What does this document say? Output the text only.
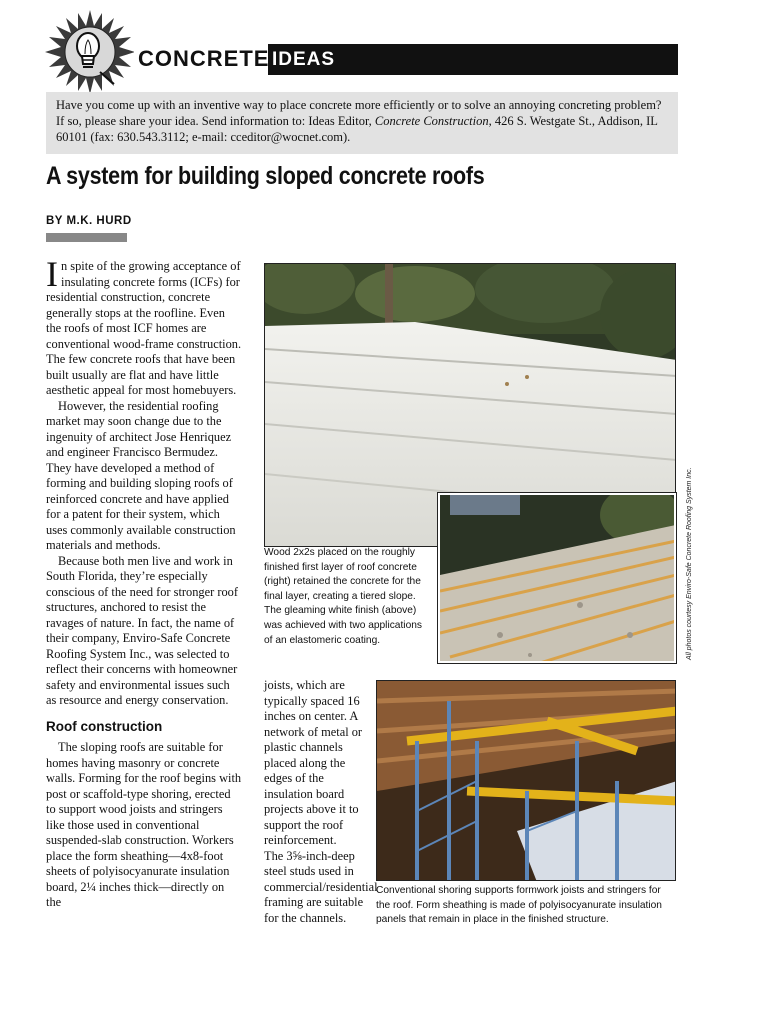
CONCRETE IDEAS
Have you come up with an inventive way to place concrete more efficiently or to solve an annoying concreting problem? If so, please share your idea. Send information to: Ideas Editor, Concrete Construction, 426 S. Westgate St., Addison, IL 60101 (fax: 630.543.3112; e-mail: cceditor@wocnet.com).
A system for building sloped concrete roofs
BY M.K. HURD

In spite of the growing acceptance of insulating concrete forms (ICFs) for residential construction, concrete generally stops at the roofline. Even the roofs of most ICF homes are conventional wood-frame construction. The few concrete roofs that have been built usually are flat and have little aesthetic appeal for most homebuyers.

However, the residential roofing market may soon change due to the ingenuity of architect Jose Henriquez and engineer Francisco Bermudez. They have developed a method of forming and building sloping roofs of reinforced concrete and have applied for a patent for their system, which uses commonly available construction materials and methods.

Because both men live and work in South Florida, they’re especially conscious of the need for stronger roof structures, anchored to resist the ravages of nature. In fact, the name of their company, Enviro-Safe Concrete Roofing System Inc., was selected to reflect their concerns with homeowner safety and environmental issues such as resource and energy conservation.

Roof construction

The sloping roofs are suitable for homes having masonry or concrete walls. Forming for the roof begins with post or scaffold-type shoring, erected to support wood joists and stringers like those used in conventional suspended-slab construction. Workers place the form sheathing—4x8-foot sheets of polyisocyanurate insulation board, 2¼ inches thick—directly on the

joists, which are typically spaced 16 inches on center. A network of metal or plastic channels placed along the edges of the insulation board projects above it to support the roof reinforcement.

The 3⅝-inch-deep steel studs used in commercial/residential framing are suitable for the channels.

Wood 2x2s placed on the roughly finished first layer of roof concrete (right) retained the concrete for the final layer, creating a tiered slope. The gleaming white finish (above) was achieved with two applications of an elastomeric coating.
Conventional shoring supports formwork joists and stringers for the roof. Form sheathing is made of polyisocyanurate insulation panels that remain in place in the finished structure.
All photos courtesy Enviro-Safe Concrete Roofing System Inc.
